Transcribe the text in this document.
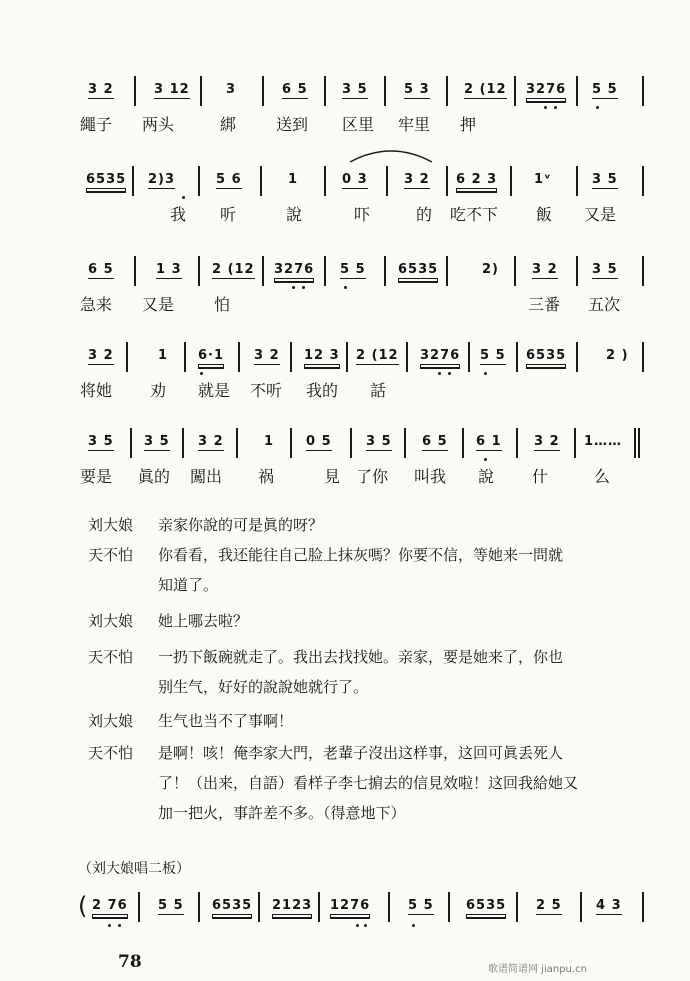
3 2	3 12	3	6 5	3 5	5 3	2 (12 3276 5 5
繩子 两头	綁 送到 区里 牢里 押
6535 2)3	5 6	1	0 3	3 2 6 2 3	1ᵛ	3 5
我 听	說	吓	的 吃不下 飯 又是
6 5	1 3 2 (12 3276 5 5 6535	2)	3 2	3 5
急来 又是 怕	三番 五次
3 2	1 6·1 3 2 12 3 2 (12 3276 5 5 6535	2 )
将她 劝 就是 不听 我的 話
3 5 3 5 3 2	1 0 5	3 5 6 5 6 1 3 2 1……
要是 眞的 闖出 祸	見 了你 叫我 說 什	么
刘大娘	亲家你說的可是眞的呀？
天不怕	你看看，我还能往自己脸上抹灰嗎？你要不信，等她来一問就
知道了。
刘大娘	她上哪去啦？
天不怕	一扔下飯碗就走了。我出去找找她。亲家，要是她来了，你也
别生气，好好的說說她就行了。
刘大娘	生气也当不了事啊！
天不怕	是啊！咳！俺李家大門，老輩子沒出这样事，这回可眞丢死人
了！（出来，自語）看样子李七掮去的信見效啦！这回我給她又
加一把火，事許差不多。（得意地下）
（刘大娘唱二板）
( 2 76 5 5 6535 2123 1276	5 5 6535 2 5	4 3
78	歌谱简谱网 jianpu.cn
